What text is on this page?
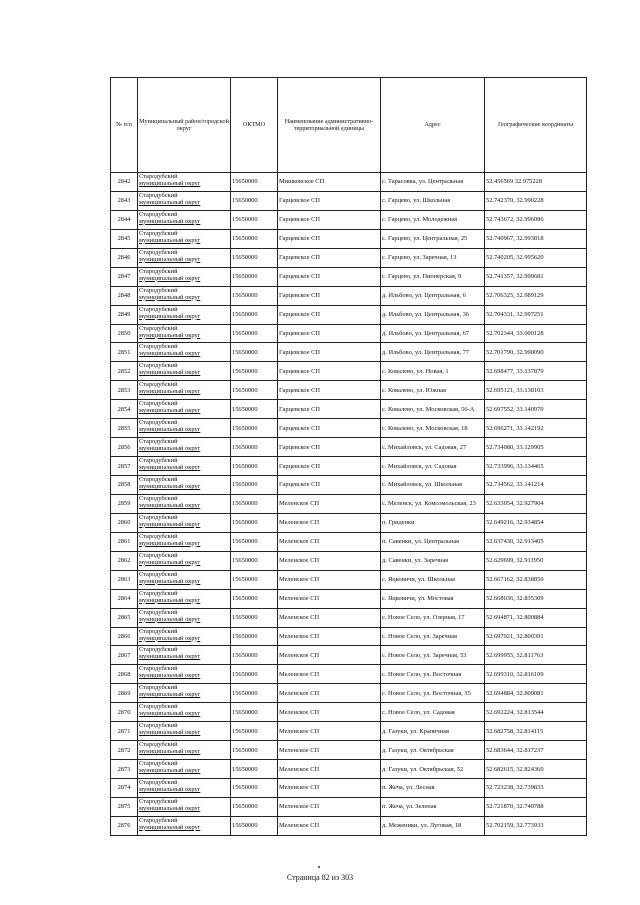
№ п/п	Муниципальный район/городской округ	ОКТМО	Наименование административно-территориальной единицы	Адрес	Географические координаты
2842	Стародубский
муниципальный округ	15650000	Мишковское СП	с. Тарасовка, ул. Центральная	52.456569 32.975228
2843	Стародубский
муниципальный округ	15650000	Гарцевское СП	с. Гарцево, ул. Школьная	52.742370, 32.990228
2844	Стародубский
муниципальный округ	15650000	Гарцевское СП	с. Гарцево, ул. Молодежная	52.743672, 32.996086
2845	Стародубский
муниципальный округ	15650000	Гарцевское СП	с. Гарцево, ул. Центральная, 25	52.740967, 32.993818
2846	Стародубский
муниципальный округ	15650000	Гарцевское СП	с. Гарцево, ул. Заречная, 13	52.740205, 32.995620
2847	Стародубский
муниципальный округ	15650000	Гарцевское СП	с. Гарцево, ул. Пионерская, 9	52.741357, 32.999681
2848	Стародубский
муниципальный округ	15650000	Гарцевское СП	д. Ильбово, ул. Центральная, 6	52.706325, 32.989129
2849	Стародубский
муниципальный округ	15650000	Гарцевское СП	д. Ильбово, ул. Центральная, 36	52.704331, 32.997251
2850	Стародубский
муниципальный округ	15650000	Гарцевское СП	д. Ильбово, ул. Центральная, 67	52.702344, 33.000128
2851	Стародубский
муниципальный округ	15650000	Гарцевское СП	д. Ильбово, ул. Центральная, 77	52.701790, 32.990090
2852	Стародубский
муниципальный округ	15650000	Гарцевское СП	с. Ковалево, ул. Новая, 1	52.698477, 33.137879
2853	Стародубский
муниципальный округ	15650000	Гарцевское СП	с. Ковалево, ул. Южная	52.695121, 33.138103
2854	Стародубский
муниципальный округ	15650000	Гарцевское СП	с. Ковалево, ул. Московская, 56-А	52.697552, 33.140970
2855	Стародубский
муниципальный округ	15650000	Гарцевское СП	с. Ковалево, ул. Московская, 18	52.696271, 33.142192
2856	Стародубский
муниципальный округ	15650000	Гарцевское СП	с. Михайловск, ул. Садовая, 27	52.734080, 33.129905
2857	Стародубский
муниципальный округ	15650000	Гарцевское СП	с. Михайловск, ул. Садовая	52.733996, 33.134465
2858	Стародубский
муниципальный округ	15650000	Гарцевское СП	с. Михайловск, ул. Школьная	52.734562, 33.141214
2859	Стародубский
муниципальный округ	15650000	Меленское СП	с. Меленск, ул. Комсомольская, 23	52.633054, 32.927904
2860	Стародубский
муниципальный округ	15650000	Меленское СП	п. Гриденки	52.649216, 32.934854
2861	Стародубский
муниципальный округ	15650000	Меленское СП	п. Савенки, ул. Центральная	52.637430, 32.913405
2862	Стародубский
муниципальный округ	15650000	Меленское СП	д. Савенки, ул. Заречная	52.629699, 32.911950
2863	Стародубский
муниципальный округ	15650000	Меленское СП	с. Яцковичи, ул. Школьная	52.667162, 32.838850
2864	Стародубский
муниципальный округ	15650000	Меленское СП	с. Яцковичи, ул. Мостовая	52.668036, 32.835309
2865	Стародубский
муниципальный округ	15650000	Меленское СП	с. Новое Село, ул. Озерная, 17	52.694871, 32.800884
2866	Стародубский
муниципальный округ	15650000	Меленское СП	с. Новое Село, ул. Заречная	52.697921, 32.800391
2867	Стародубский
муниципальный округ	15650000	Меленское СП	с. Новое Село, ул. Заречная, 53	52.699955, 32.811763
2868	Стародубский
муниципальный округ	15650000	Меленское СП	с. Новое Село, ул. Восточная	52.699310, 32.816109
2869	Стародубский
муниципальный округ	15650000	Меленское СП	с. Новое Село, ул. Восточная, 35	52.694884, 32.809081
2870	Стародубский
муниципальный округ	15650000	Меленское СП	с. Новое Село, ул. Садовая	52.692224, 32.813544
2871	Стародубский
муниципальный округ	15650000	Меленское СП	д. Газуки, ул. Крапичная	52.682758, 32.814115
2872	Стародубский
муниципальный округ	15650000	Меленское СП	д. Газуки, ул. Октябрьская	52.683644, 32.817237
2873	Стародубский
муниципальный округ	15650000	Меленское СП	д. Газуки, ул. Октябрьская, 52	52.682615, 32.824360
2874	Стародубский
муниципальный округ	15650000	Меленское СП	п. Жеча, ул. Лесная	52.723238, 32.739833
2875	Стародубский
муниципальный округ	15650000	Меленское СП	п. Жеча, ул. Зеленая	52.721870, 32.740788
2876	Стародубский
муниципальный округ	15650000	Меленское СП	д. Меженики, ул. Луговая, 18	52.702159, 32.773933
Страница 82 из 303
